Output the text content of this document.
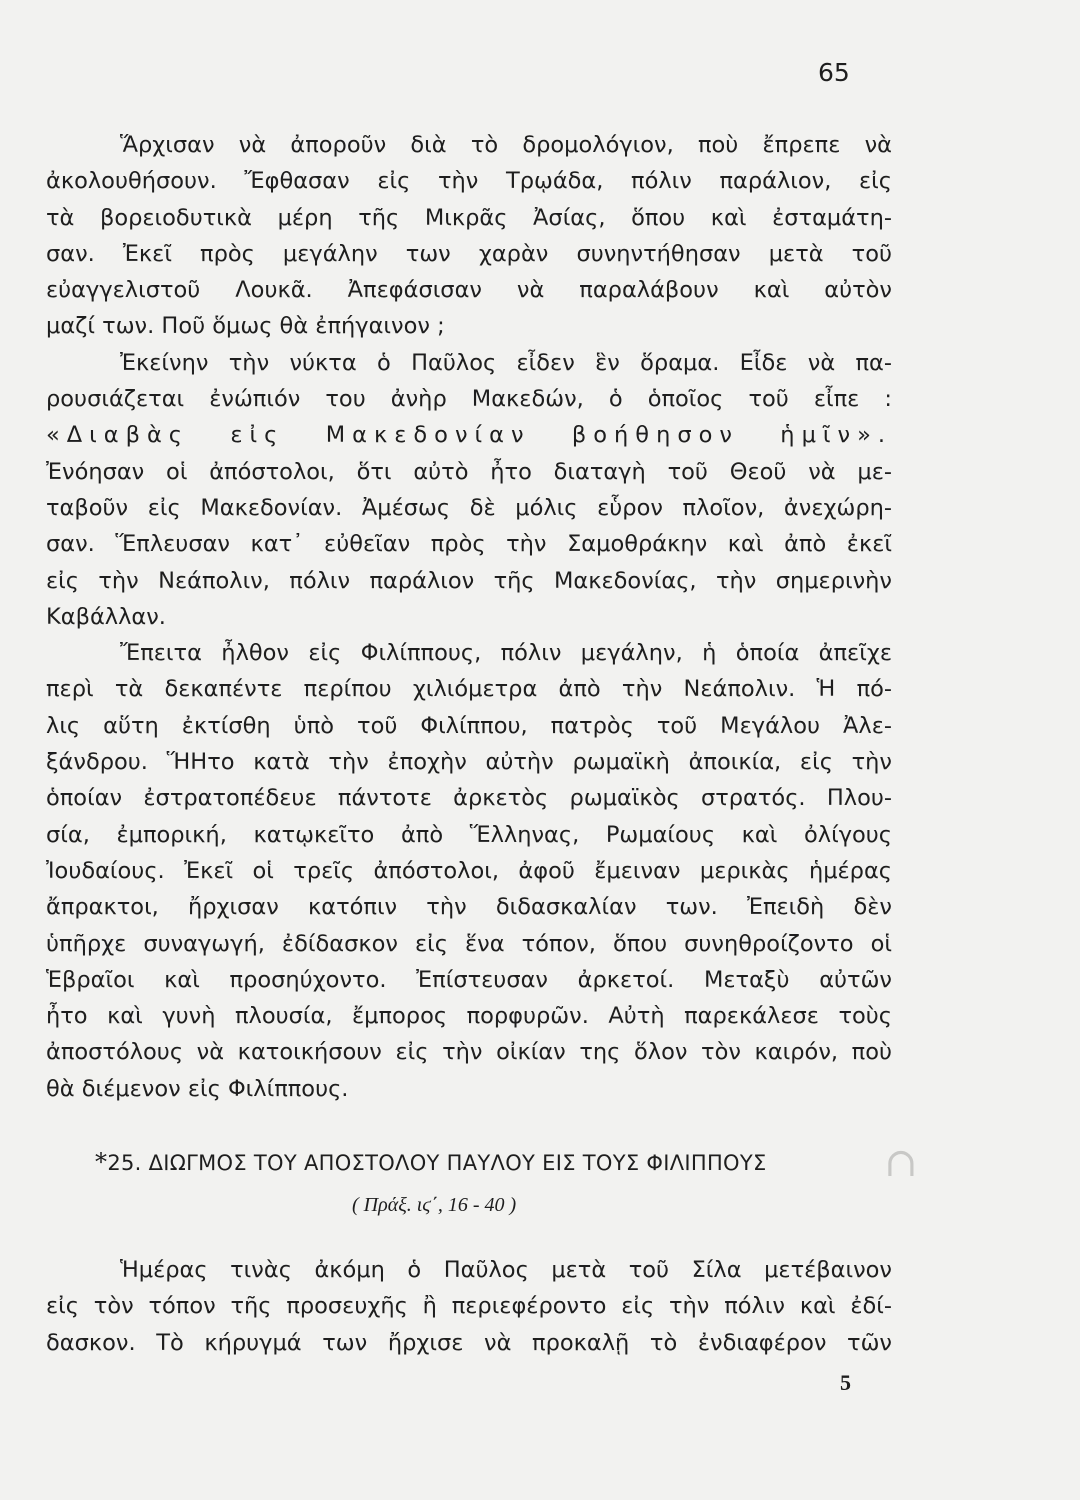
65
Ἅρχισαν νὰ ἀποροῦν διὰ τὸ δρομολόγιον, ποὺ ἔπρεπε νὰ
ἀκολουθήσουν. Ἔφθασαν εἰς τὴν Τρῳάδα, πόλιν παράλιον, εἰς
τὰ βορειοδυτικὰ μέρη τῆς Μικρᾶς Ἀσίας, ὅπου καὶ ἐσταμάτη-
σαν. Ἐκεῖ πρὸς μεγάλην των χαρὰν συνηντήθησαν μετὰ τοῦ
εὐαγγελιστοῦ Λουκᾶ. Ἀπεφάσισαν νὰ παραλάβουν καὶ αὐτὸν
μαζί των. Ποῦ ὅμως θὰ ἐπήγαινον ;
Ἐκείνην τὴν νύκτα ὁ Παῦλος εἶδεν ἓν ὅραμα. Εἶδε νὰ πα-
ρουσιάζεται ἐνώπιόν του ἀνὴρ Μακεδών, ὁ ὁποῖος τοῦ εἶπε :
«Διαβὰς εἰς Μακεδονίαν βοήθησον ἡμῖν».
Ἐνόησαν οἱ ἀπόστολοι, ὅτι αὐτὸ ἦτο διαταγὴ τοῦ Θεοῦ νὰ με-
ταβοῦν εἰς Μακεδονίαν. Ἀμέσως δὲ μόλις εὗρον πλοῖον, ἀνεχώρη-
σαν. Ἕπλευσαν κατ᾽ εὐθεῖαν πρὸς τὴν Σαμοθράκην καὶ ἀπὸ ἐκεῖ
εἰς τὴν Νεάπολιν, πόλιν παράλιον τῆς Μακεδονίας, τὴν σημερινὴν
Καβάλλαν.
Ἔπειτα ἦλθον εἰς Φιλίππους, πόλιν μεγάλην, ἡ ὁποία ἀπεῖχε
περὶ τὰ δεκαπέντε περίπου χιλιόμετρα ἀπὸ τὴν Νεάπολιν. Ἡ πό-
λις αὕτη ἐκτίσθη ὑπὸ τοῦ Φιλίππου, πατρὸς τοῦ Μεγάλου Ἀλε-
ξάνδρου. ἭΗτο κατὰ τὴν ἐποχὴν αὐτὴν ρωμαϊκὴ ἀποικία, εἰς τὴν
ὁποίαν ἐστρατοπέδευε πάντοτε ἀρκετὸς ρωμαϊκὸς στρατός. Πλου-
σία, ἐμπορική, κατῳκεῖτο ἀπὸ Ἕλληνας, Ρωμαίους καὶ ὀλίγους
Ἰουδαίους. Ἐκεῖ οἱ τρεῖς ἀπόστολοι, ἀφοῦ ἔμειναν μερικὰς ἡμέρας
ἄπρακτοι, ἤρχισαν κατόπιν τὴν διδασκαλίαν των. Ἐπειδὴ δὲν
ὑπῆρχε συναγωγή, ἐδίδασκον εἰς ἕνα τόπον, ὅπου συνηθροίζοντο οἱ
Ἑβραῖοι καὶ προσηύχοντο. Ἐπίστευσαν ἀρκετοί. Μεταξὺ αὐτῶν
ἦτο καὶ γυνὴ πλουσία, ἔμπορος πορφυρῶν. Αὐτὴ παρεκάλεσε τοὺς
ἀποστόλους νὰ κατοικήσουν εἰς τὴν οἰκίαν της ὅλον τὸν καιρόν, ποὺ
θὰ διέμενον εἰς Φιλίππους.
*25. ΔΙΩΓΜΟΣ ΤΟΥ ΑΠΟΣΤΟΛΟΥ ΠΑΥΛΟΥ ΕΙΣ ΤΟΥΣ ΦΙΛΙΠΠΟΥΣ	∩
( Πράξ. ιϛ΄, 16 - 40 )
Ἡμέρας τινὰς ἀκόμη ὁ Παῦλος μετὰ τοῦ Σίλα μετέβαινον
εἰς τὸν τόπον τῆς προσευχῆς ἢ περιεφέροντο εἰς τὴν πόλιν καὶ ἐδί-
δασκον. Τὸ κήρυγμά των ἤρχισε νὰ προκαλῇ τὸ ἐνδιαφέρον τῶν
5
